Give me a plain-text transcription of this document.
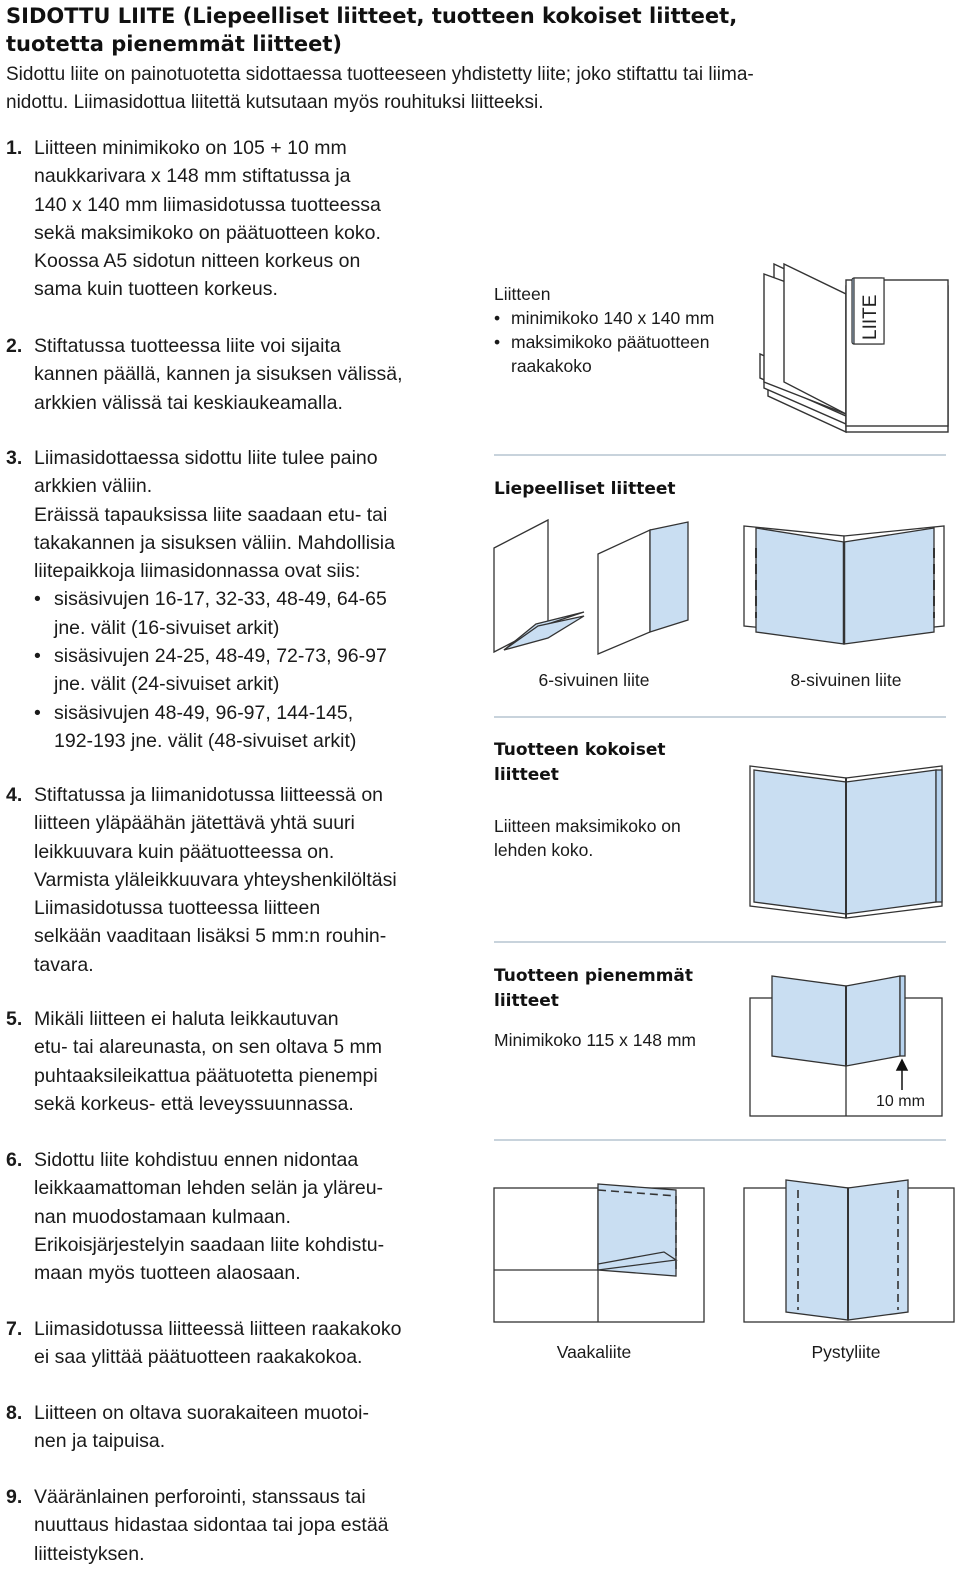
SIDOTTU LIITE (Liepeelliset liitteet, tuotteen kokoiset liitteet,
tuotetta pienemmät liitteet)
Sidottu liite on painotuotetta sidottaessa tuotteeseen yhdistetty liite; joko stiftattu tai liima-
nidottu. Liimasidottua liitettä kutsutaan myös rouhituksi liitteeksi.
1. Liitteen minimikoko on 105 + 10 mm
naukkarivara x 148 mm stiftatussa ja
140 x 140 mm liimasidotussa tuotteessa
sekä maksimikoko on päätuotteen koko.
Koossa A5 sidotun nitteen korkeus on
sama kuin tuotteen korkeus.
2. Stiftatussa tuotteessa liite voi sijaita
kannen päällä, kannen ja sisuksen välissä,
arkkien välissä tai keskiaukeamalla.
3. Liimasidottaessa sidottu liite tulee paino
arkkien väliin.
Eräissä tapauksissa liite saadaan etu- tai
takakannen ja sisuksen väliin. Mahdollisia
liitepaikkoja liimasidonnassa ovat siis:
• sisäsivujen 16-17, 32-33, 48-49, 64-65
jne. välit (16-sivuiset arkit)
• sisäsivujen 24-25, 48-49, 72-73, 96-97
jne. välit (24-sivuiset arkit)
• sisäsivujen 48-49, 96-97, 144-145,
192-193 jne. välit (48-sivuiset arkit)
4. Stiftatussa ja liimanidotussa liitteessä on
liitteen yläpäähän jätettävä yhtä suuri
leikkuuvara kuin päätuotteessa on.
Varmista yläleikkuuvara yhteyshenkilöltäsi
Liimasidotussa tuotteessa liitteen
selkään vaaditaan lisäksi 5 mm:n rouhin-
tavara.
5. Mikäli liitteen ei haluta leikkautuvan
etu- tai alareunasta, on sen oltava 5 mm
puhtaaksileikattua päätuotetta pienempi
sekä korkeus- että leveyssuunnassa.
6. Sidottu liite kohdistuu ennen nidontaa
leikkaamattoman lehden selän ja yläreu-
nan muodostamaan kulmaan.
Erikoisjärjestelyin saadaan liite kohdistu-
maan myös tuotteen alaosaan.
7. Liimasidotussa liitteessä liitteen raakakoko
ei saa ylittää päätuotteen raakakokoa.
8. Liitteen on oltava suorakaiteen muotoi-
nen ja taipuisa.
9. Vääränlainen perforointi, stanssaus tai
nuuttaus hidastaa sidontaa tai jopa estää
liitteistyksen.
Liitteen
• minimikoko 140 x 140 mm
• maksimikoko päätuotteen
raakakoko
LIITE
Liepeelliset liitteet
6-sivuinen liite	8-sivuinen liite
Tuotteen kokoiset
liitteet
Liitteen maksimikoko on
lehden koko.
Tuotteen pienemmät
liitteet
Minimikoko 115 x 148 mm
10 mm
Vaakaliite	Pystyliite
